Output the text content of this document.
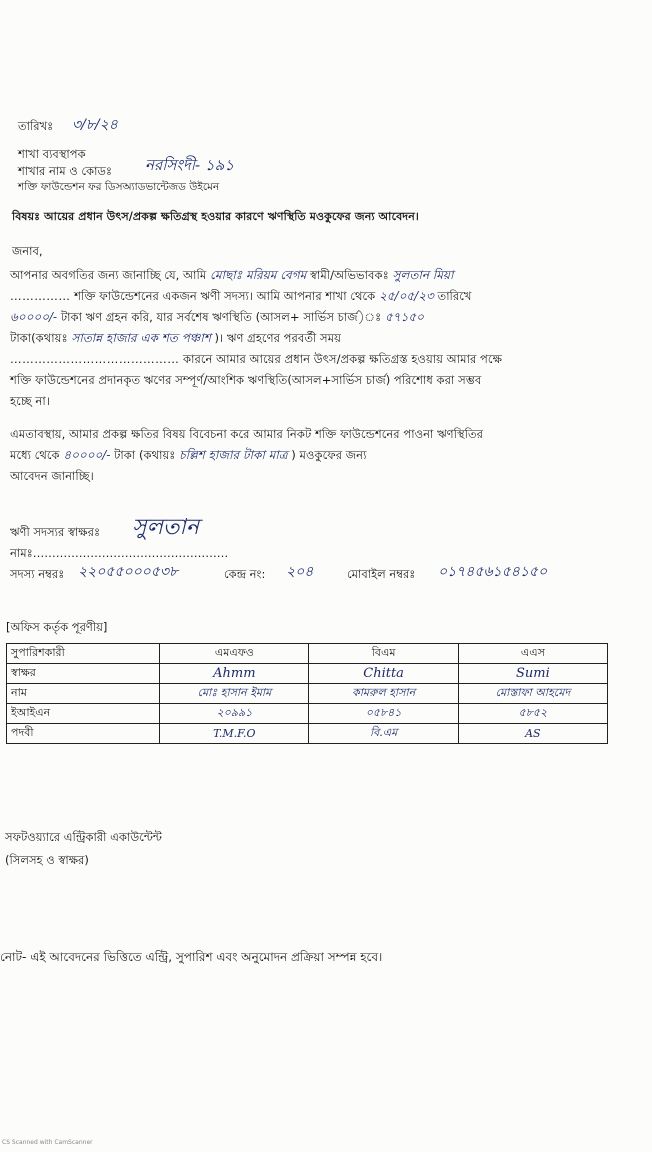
তারিখঃ ৩/৮/২৪
শাখা ব্যবস্থাপক
শাখার নাম ও কোডঃ নরসিংদী- ১৯১
শক্তি ফাউন্ডেশন ফর ডিসঅ্যাডভান্টেজড উইমেন
বিষয়ঃ আয়ের প্রধান উৎস/প্রকল্প ক্ষতিগ্রস্থ হওয়ার কারণে ঋণস্থিতি মওকুফের জন্য আবেদন।
জনাব,
আপনার অবগতির জন্য জানাচ্ছি যে, আমি মোছাঃ মরিয়ম বেগম স্বামী/অভিভাবকঃ সুলতান মিয়া
…………… শক্তি ফাউন্ডেশনের একজন ঋণী সদস্য। আমি আপনার শাখা থেকে ২৫/০৫/২৩ তারিখে
৬০০০০/- টাকা ঋণ গ্রহন করি, যার সর্বশেষ ঋণস্থিতি (আসল+ সার্ভিস চার্জ)ঃ ৫৭১৫০
টাকা(কথায়ঃ সাতান্ন হাজার এক শত পঞ্চাশ )। ঋণ গ্রহণের পরবর্তী সময়
…………………………………… কারনে আমার আয়ের প্রধান উৎস/প্রকল্প ক্ষতিগ্রস্ত হওয়ায় আমার পক্ষে
শক্তি ফাউন্ডেশনের প্রদানকৃত ঋণের সম্পূর্ণ/আংশিক ঋণস্থিতি(আসল+সার্ভিস চার্জ) পরিশোধ করা সম্ভব
হচ্ছে না।
এমতাবস্থায়, আমার প্রকল্প ক্ষতির বিষয় বিবেচনা করে আমার নিকট শক্তি ফাউন্ডেশনের পাওনা ঋণস্থিতির
মধ্যে থেকে ৪০০০০/- টাকা (কথায়ঃ চল্লিশ হাজার টাকা মাত্র ) মওকুফের জন্য
আবেদন জানাচ্ছি।
ঋণী সদস্যর স্বাক্ষরঃ সুলতান
নামঃ……………………………………………
সদস্য নম্বরঃ ২২০৫৫০০০৫৩৮	কেন্দ্র নং: ২০৪	মোবাইল নম্বরঃ ০১৭৪৫৬১৫৪১৫০
[অফিস কর্তৃক পূরণীয়]
সুপারিশকারী	এমএফও	বিএম	এএস
স্বাক্ষর	Ahmm	Chitta	Sumi
নাম	মোঃ হাসান ইমাম	কামরুল হাসান	মোস্তাফা আহমেদ
ইআইএন	২০৯৯১	০৫৮৪১	৫৮৫২
পদবী	T.M.F.O	বি.এম	AS
সফটওয়্যারে এন্ট্রিকারী একাউন্টেন্ট
(সিলসহ ও স্বাক্ষর)
নোট- এই আবেদনের ভিত্তিতে এন্ট্রি, সুপারিশ এবং অনুমোদন প্রক্রিয়া সম্পন্ন হবে।
CS Scanned with CamScanner
